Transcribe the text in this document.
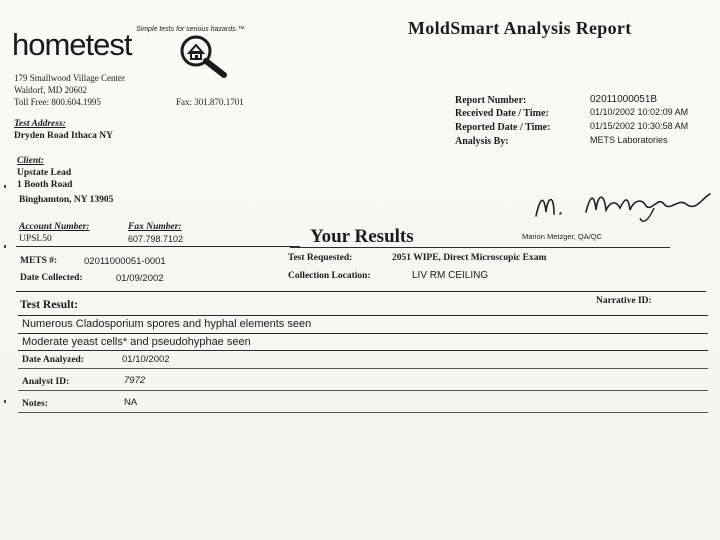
Simple tests for serious hazards.™
hometest	MoldSmart Analysis Report
179 Smallwood Village Center
Waldorf, MD 20602
Toll Free: 800.604.1995	Fax: 301.870.1701	Report Number:	02011000051B
Received Date / Time:	01/10/2002 10:02:09 AM
Reported Date / Time:	01/15/2002 10:30:58 AM
Analysis By:	METS Laboratories
Test Address:
Dryden Road Ithaca NY
Client:
Upstate Lead
1 Booth Road
Binghamton, NY 13905
Marion Metzger, QA/QC
Account Number:	Fax Number:
UPSL50	607.798.7102	Your Results
METS #:	02011000051-0001	Test Requested:	2051 WIPE, Direct Microscopic Exam
Date Collected:	01/09/2002	Collection Location:	LIV RM CEILING
Test Result:	Narrative ID:
Numerous Cladosporium spores and hyphal elements seen
Moderate yeast cells* and pseudohyphae seen
Date Analyzed:	01/10/2002
Analyst ID:	7972
Notes:	NA
